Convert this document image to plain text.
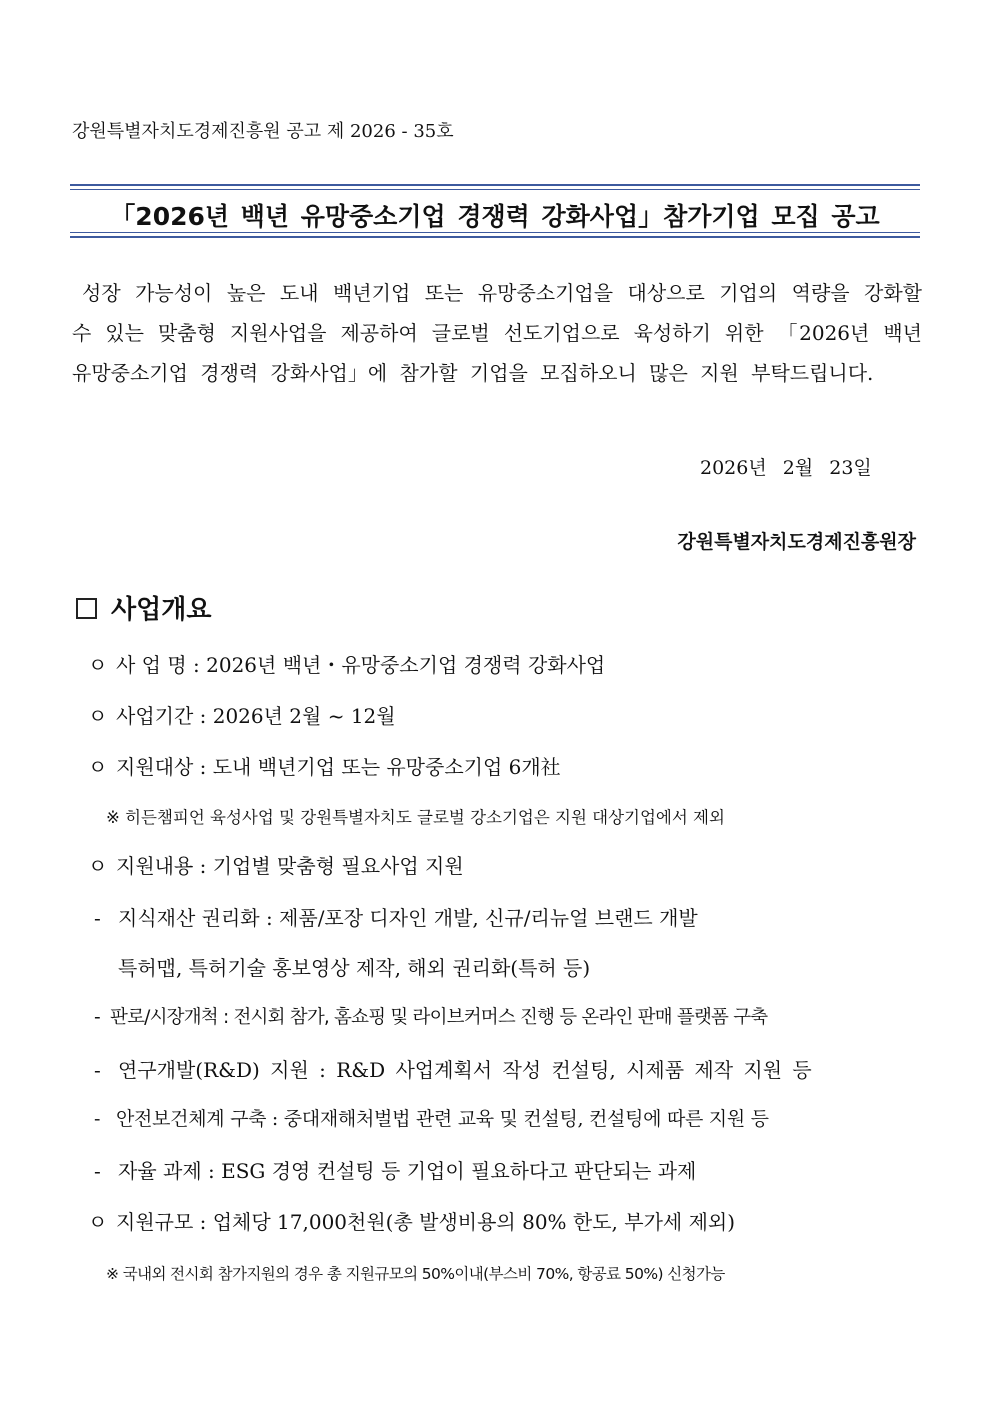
강원특별자치도경제진흥원 공고 제 2026 - 35호
「2026년 백년 유망중소기업 경쟁력 강화사업」참가기업 모집 공고
성장 가능성이 높은 도내 백년기업 또는 유망중소기업을 대상으로 기업의 역량을 강화할 수 있는 맞춤형 지원사업을 제공하여 글로벌 선도기업으로 육성하기 위한 「2026년 백년 유망중소기업 경쟁력 강화사업」에 참가할 기업을 모집하오니 많은 지원 부탁드립니다.
2026년 2월 23일
강원특별자치도경제진흥원장
사업개요
ㅇ 사 업 명 : 2026년 백년・유망중소기업 경쟁력 강화사업
ㅇ 사업기간 : 2026년 2월 ~ 12월
ㅇ 지원대상 : 도내 백년기업 또는 유망중소기업 6개社
※ 히든챔피언 육성사업 및 강원특별자치도 글로벌 강소기업은 지원 대상기업에서 제외
ㅇ 지원내용 : 기업별 맞춤형 필요사업 지원
- 지식재산 권리화 : 제품/포장 디자인 개발, 신규/리뉴얼 브랜드 개발
특허맵, 특허기술 홍보영상 제작, 해외 권리화(특허 등)
- 판로/시장개척 : 전시회 참가, 홈쇼핑 및 라이브커머스 진행 등 온라인 판매 플랫폼 구축
- 연구개발(R&D) 지원 : R&D 사업계획서 작성 컨설팅, 시제품 제작 지원 등
- 안전보건체계 구축 : 중대재해처벌법 관련 교육 및 컨설팅, 컨설팅에 따른 지원 등
- 자율 과제 : ESG 경영 컨설팅 등 기업이 필요하다고 판단되는 과제
ㅇ 지원규모 : 업체당 17,000천원(총 발생비용의 80% 한도, 부가세 제외)
※ 국내외 전시회 참가지원의 경우 총 지원규모의 50%이내(부스비 70%, 항공료 50%) 신청가능
